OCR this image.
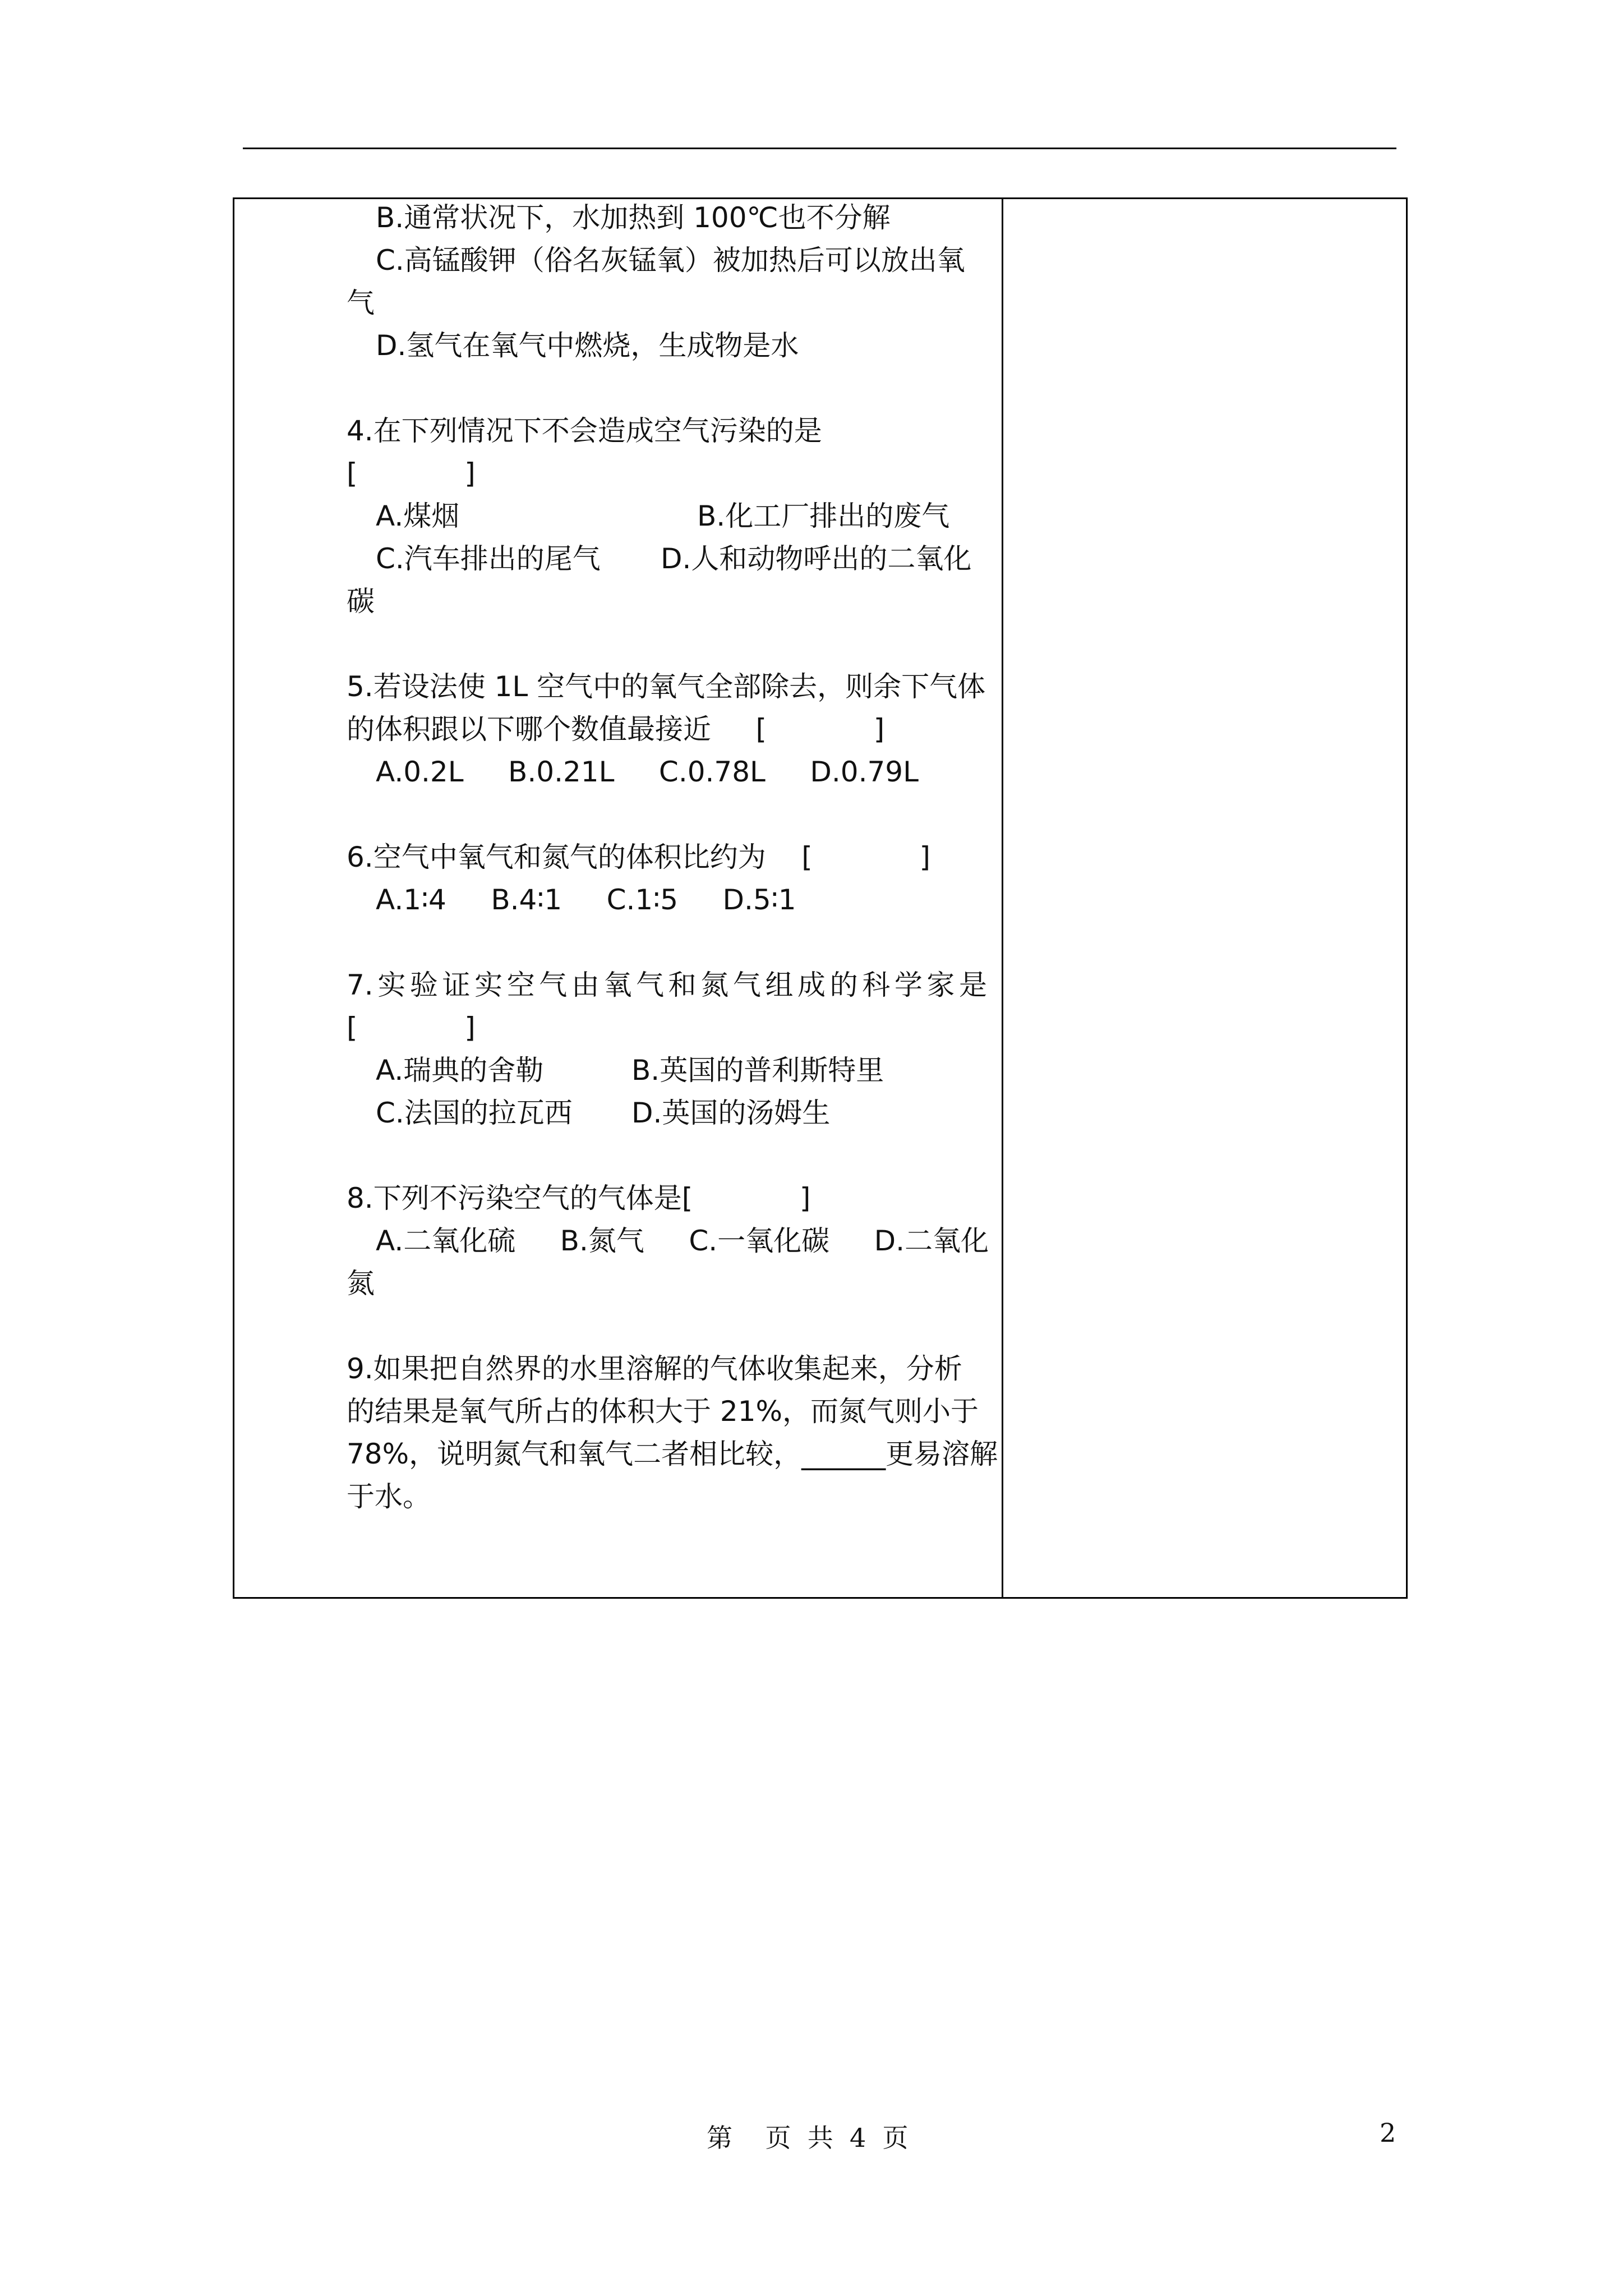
B.通常状况下，水加热到 100℃也不分解
C.高锰酸钾（俗名灰锰氧）被加热后可以放出氧
气
D.氢气在氧气中燃烧，生成物是水
4.在下列情况下不会造成空气污染的是
[            ]
A.煤烟	B.化工厂排出的废气
C.汽车排出的尾气 D.人和动物呼出的二氧化
碳
5.若设法使 1L 空气中的氧气全部除去，则余下气体
的体积跟以下哪个数值最接近     [            ]
A.0.2L     B.0.21L     C.0.78L     D.0.79L
6.空气中氧气和氮气的体积比约为    [            ]
A.1∶4     B.4∶1     C.1∶5     D.5∶1
7. 实 验 证 实 空 气 由 氧 气 和 氮 气 组 成 的 科 学 家 是
[            ]
A.瑞典的舍勒	B.英国的普利斯特里
C.法国的拉瓦西 D.英国的汤姆生
8.下列不污染空气的气体是[            ]
A.二氧化硫     B.氮气     C.一氧化碳     D.二氧化
氮
9.如果把自然界的水里溶解的气体收集起来，分析
的结果是氧气所占的体积大于 21%，而氮气则小于
78%，说明氮气和氧气二者相比较，______更易溶解
于水。
第    页  共  4  页	2
